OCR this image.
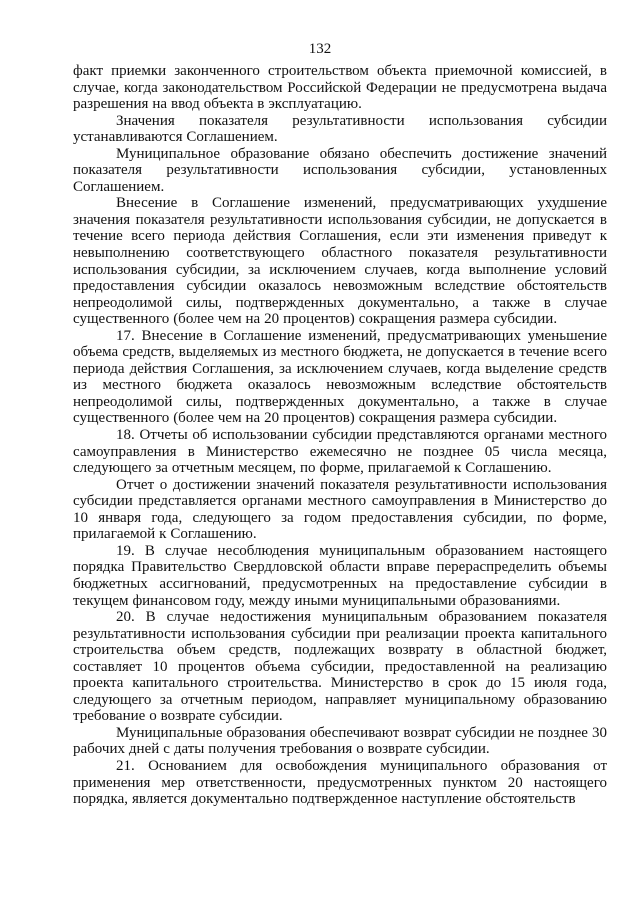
132

факт приемки законченного строительством объекта приемочной комиссией, в случае, когда законодательством Российской Федерации не предусмотрена выдача разрешения на ввод объекта в эксплуатацию.

Значения показателя результативности использования субсидии устанавливаются Соглашением.

Муниципальное образование обязано обеспечить достижение значений показателя результативности использования субсидии, установленных Соглашением.

Внесение в Соглашение изменений, предусматривающих ухудшение значения показателя результативности использования субсидии, не допускается в течение всего периода действия Соглашения, если эти изменения приведут к невыполнению соответствующего областного показателя результативности использования субсидии, за исключением случаев, когда выполнение условий предоставления субсидии оказалось невозможным вследствие обстоятельств непреодолимой силы, подтвержденных документально, а также в случае существенного (более чем на 20 процентов) сокращения размера субсидии.

17. Внесение в Соглашение изменений, предусматривающих уменьшение объема средств, выделяемых из местного бюджета, не допускается в течение всего периода действия Соглашения, за исключением случаев, когда выделение средств из местного бюджета оказалось невозможным вследствие обстоятельств непреодолимой силы, подтвержденных документально, а также в случае существенного (более чем на 20 процентов) сокращения размера субсидии.

18. Отчеты об использовании субсидии представляются органами местного самоуправления в Министерство ежемесячно не позднее 05 числа месяца, следующего за отчетным месяцем, по форме, прилагаемой к Соглашению.

Отчет о достижении значений показателя результативности использования субсидии представляется органами местного самоуправления в Министерство до 10 января года, следующего за годом предоставления субсидии, по форме, прилагаемой к Соглашению.

19. В случае несоблюдения муниципальным образованием настоящего порядка Правительство Свердловской области вправе перераспределить объемы бюджетных ассигнований, предусмотренных на предоставление субсидии в текущем финансовом году, между иными муниципальными образованиями.

20. В случае недостижения муниципальным образованием показателя результативности использования субсидии при реализации проекта капитального строительства объем средств, подлежащих возврату в областной бюджет, составляет 10 процентов объема субсидии, предоставленной на реализацию проекта капитального строительства. Министерство в срок до 15 июля года, следующего за отчетным периодом, направляет муниципальному образованию требование о возврате субсидии.

Муниципальные образования обеспечивают возврат субсидии не позднее 30 рабочих дней с даты получения требования о возврате субсидии.

21. Основанием для освобождения муниципального образования от применения мер ответственности, предусмотренных пунктом 20 настоящего порядка, является документально подтвержденное наступление обстоятельств
